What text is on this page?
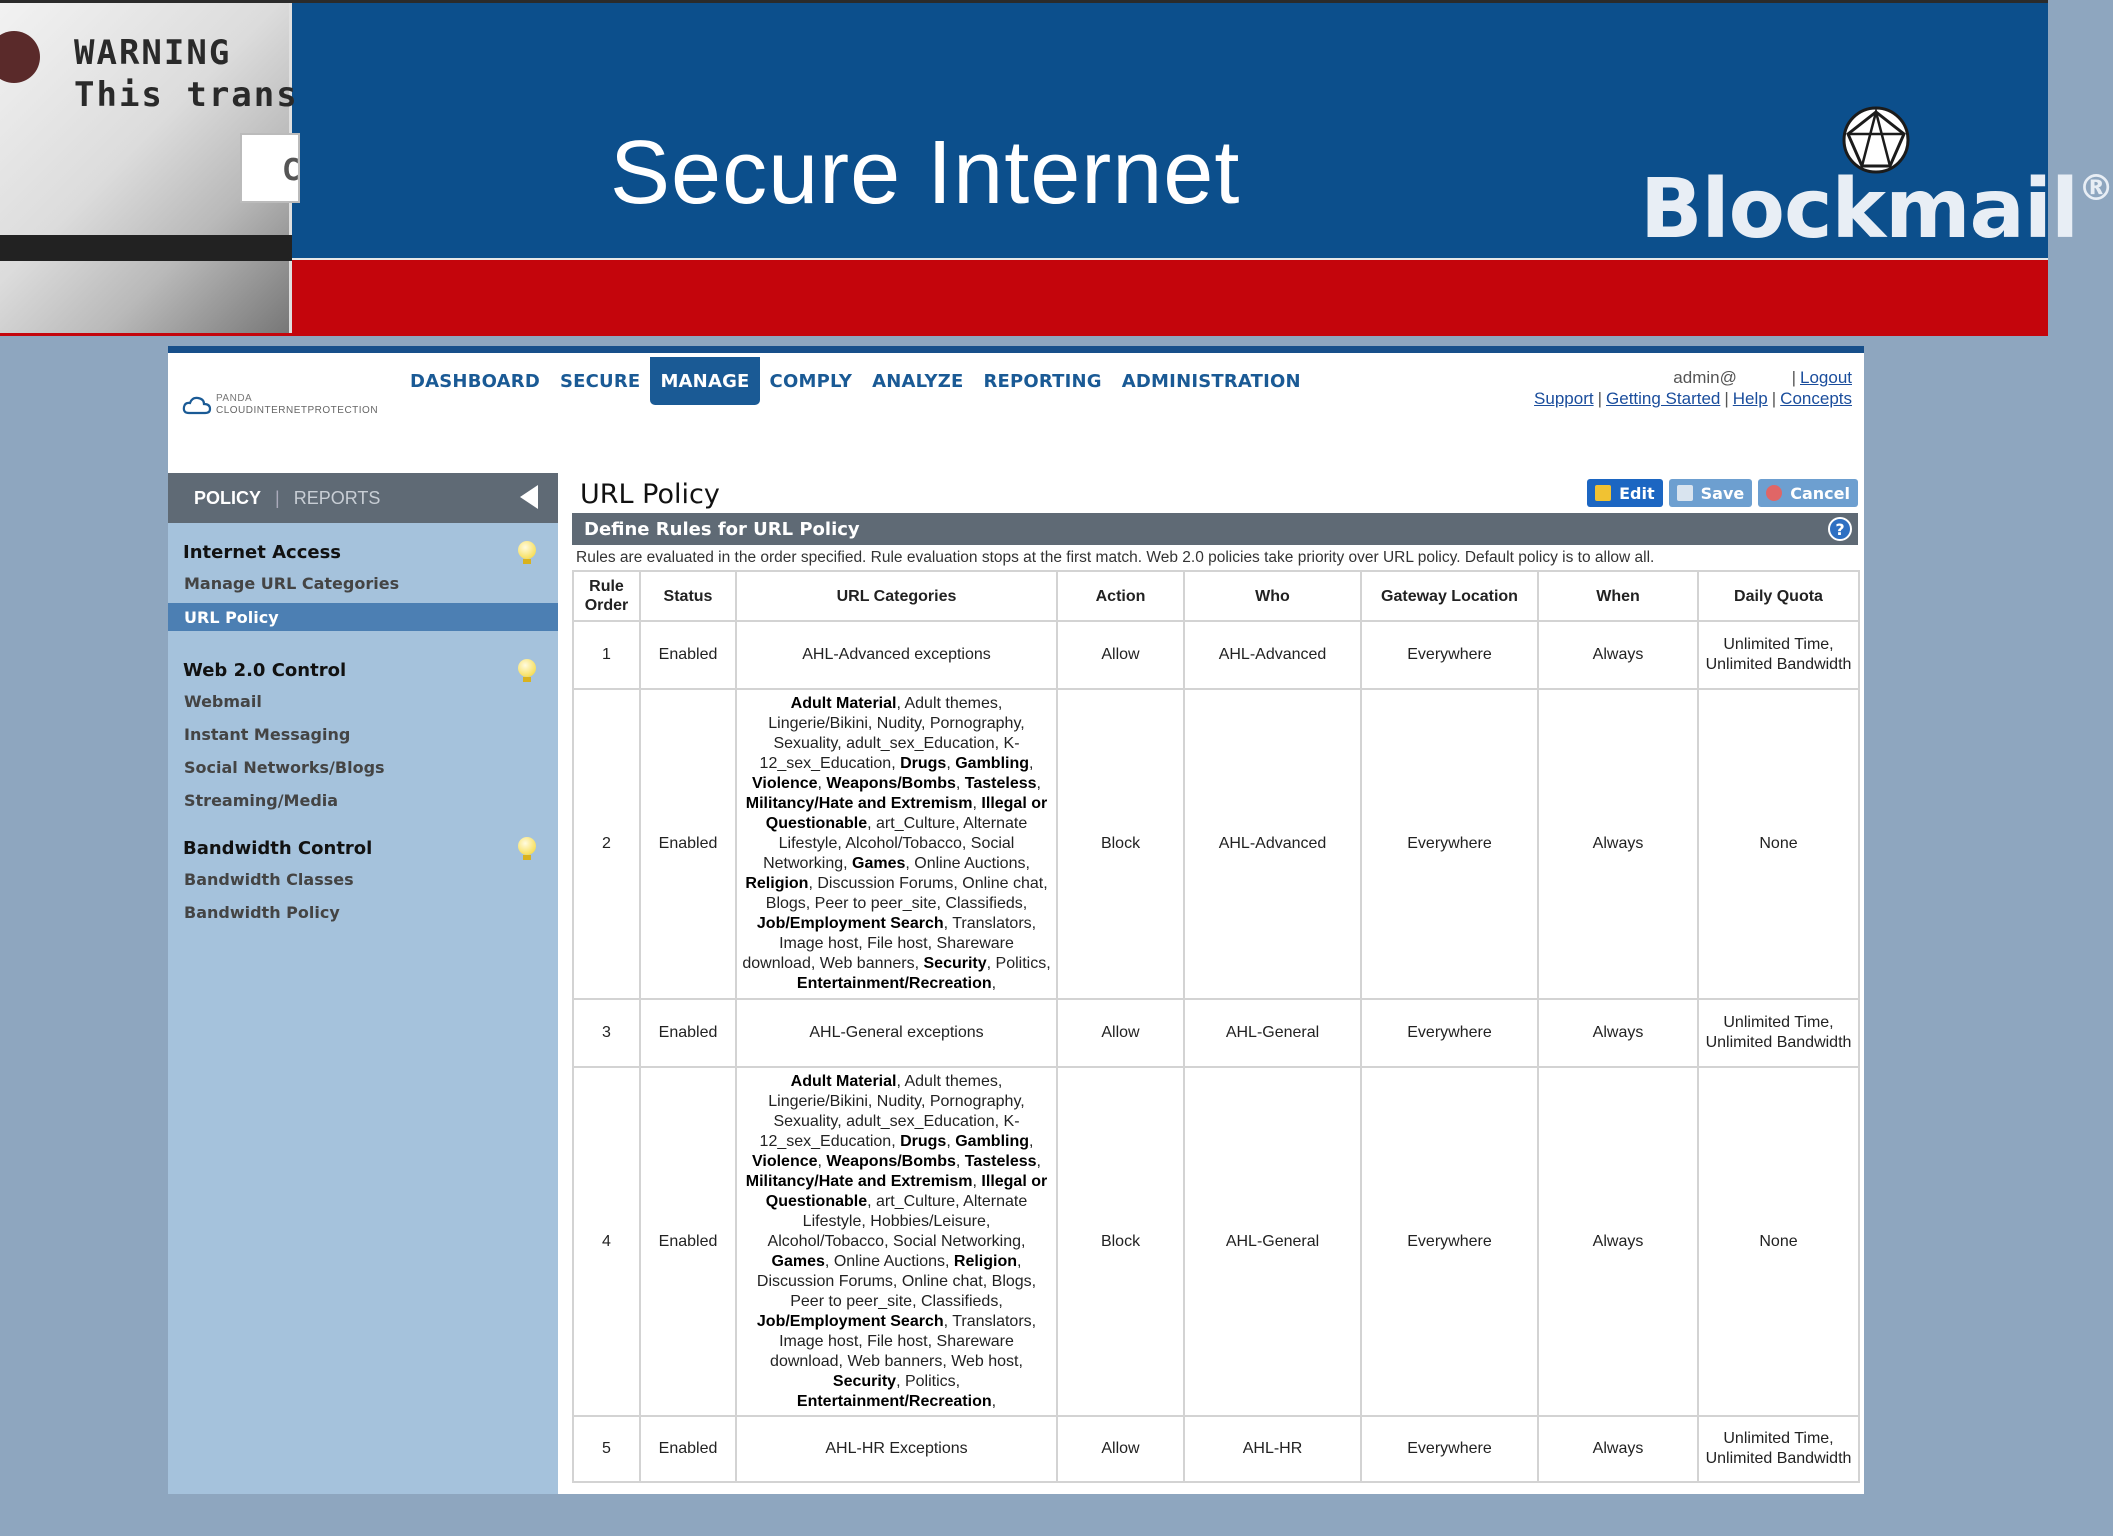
WARNING
This trans
C	Secure Internet	Blockmail®
PANDA
CLOUDINTERNETPROTECTION
DASHBOARD	SECURE	MANAGE	COMPLY	ANALYZE	REPORTING	ADMINISTRATION	admin@	| Logout
Support | Getting Started | Help | Concepts
POLICY | REPORTS
Internet Access
Manage URL Categories
URL Policy
Web 2.0 Control
Webmail
Instant Messaging
Social Networks/Blogs
Streaming/Media
Bandwidth Control
Bandwidth Classes
Bandwidth Policy
URL Policy	Edit	Save	Cancel
Define Rules for URL Policy	?
Rules are evaluated in the order specified. Rule evaluation stops at the first match. Web 2.0 policies take priority over URL policy. Default policy is to allow all.
Rule Order	Status	URL Categories	Action	Who	Gateway Location	When	Daily Quota
1	Enabled	AHL-Advanced exceptions	Allow	AHL-Advanced	Everywhere	Always	Unlimited Time, Unlimited Bandwidth
2	Enabled	Adult Material, Adult themes, Lingerie/Bikini, Nudity, Pornography, Sexuality, adult_sex_Education, K-12_sex_Education, Drugs, Gambling, Violence, Weapons/Bombs, Tasteless, Militancy/Hate and Extremism, Illegal or Questionable, art_Culture, Alternate Lifestyle, Alcohol/Tobacco, Social Networking, Games, Online Auctions, Religion, Discussion Forums, Online chat, Blogs, Peer to peer_site, Classifieds, Job/Employment Search, Translators, Image host, File host, Shareware download, Web banners, Security, Politics, Entertainment/Recreation,	Block	AHL-Advanced	Everywhere	Always	None
3	Enabled	AHL-General exceptions	Allow	AHL-General	Everywhere	Always	Unlimited Time, Unlimited Bandwidth
4	Enabled	Adult Material, Adult themes, Lingerie/Bikini, Nudity, Pornography, Sexuality, adult_sex_Education, K-12_sex_Education, Drugs, Gambling, Violence, Weapons/Bombs, Tasteless, Militancy/Hate and Extremism, Illegal or Questionable, art_Culture, Alternate Lifestyle, Hobbies/Leisure, Alcohol/Tobacco, Social Networking, Games, Online Auctions, Religion, Discussion Forums, Online chat, Blogs, Peer to peer_site, Classifieds, Job/Employment Search, Translators, Image host, File host, Shareware download, Web banners, Web host, Security, Politics, Entertainment/Recreation,	Block	AHL-General	Everywhere	Always	None
5	Enabled	AHL-HR Exceptions	Allow	AHL-HR	Everywhere	Always	Unlimited Time, Unlimited Bandwidth
